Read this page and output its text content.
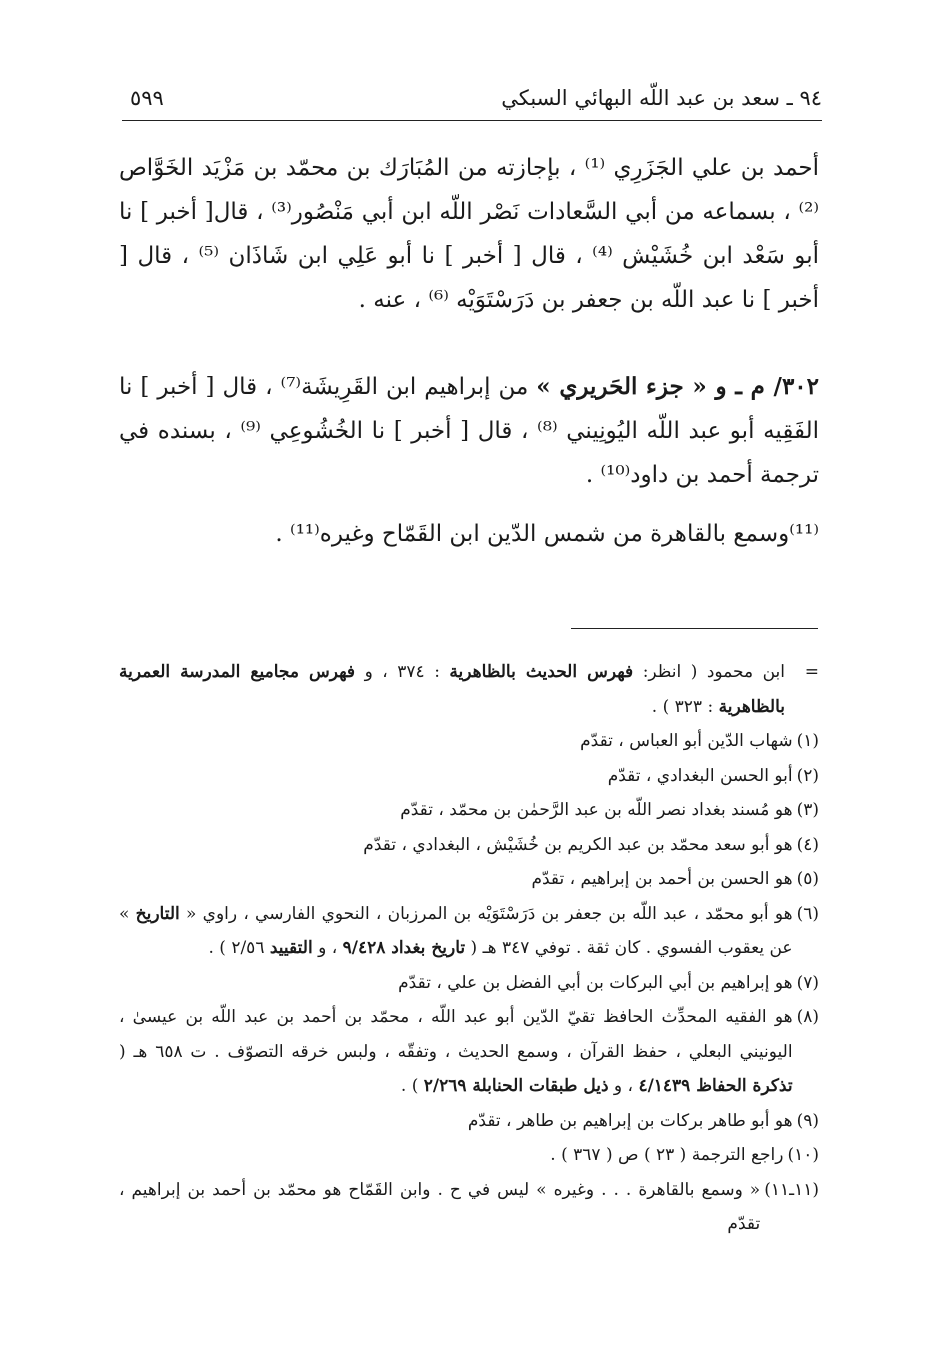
٩٤ ـ سعد بن عبد اللّه البهائي السبكي
٥٩٩

أحمد بن علي الجَزَرِي ⁽¹⁾ ، بإجازته من المُبَارَك بن محمّد بن مَزْيَد الخَوَّاص ⁽²⁾ ، بسماعه من أبي السَّعادات نَصْر اللّه ابن أبي مَنْصُور⁽³⁾ ، قال[ أخبر ] نا أبو سَعْد ابن خُشَيْش ⁽⁴⁾ ، قال [ أخبر ] نا أبو عَلِي ابن شَاذَان ⁽⁵⁾ ، قال [ أخبر ] نا عبد اللّه بن جعفر بن دَرَسْتَوَيْه ⁽⁶⁾ ، عنه .

٣٠٢/ م ـ و « جزء الحَريري » من إبراهيم ابن القَرِيشَة⁽⁷⁾ ، قال [ أخبر ] نا الفَقِيه أبو عبد اللّه اليُونِيني ⁽⁸⁾ ، قال [ أخبر ] نا الخُشُوعِي ⁽⁹⁾ ، بسنده في ترجمة أحمد بن داود⁽¹⁰⁾ .

⁽¹¹⁾وسمع بالقاهرة من شمس الدّين ابن القَمّاح وغيره⁽¹¹⁾ .

=
ابن محمود ( انظر: فهرس الحديث بالظاهرية : ٣٧٤ ، و فهرس مجاميع المدرسة العمرية بالظاهرية : ٣٢٣ ) .
(١)
شهاب الدّين أبو العباس ، تقدّم
(٢)
أبو الحسن البغدادي ، تقدّم
(٣)
هو مُسند بغداد نصر اللّه بن عبد الرَّحمٰن بن محمّد ، تقدّم
(٤)
هو أبو سعد محمّد بن عبد الكريم بن خُشَيْش ، البغدادي ، تقدّم
(٥)
هو الحسن بن أحمد بن إبراهيم ، تقدّم
(٦)
هو أبو محمّد ، عبد اللّه بن جعفر بن دَرَسْتَوَيْه بن المرزبان ، النحوي الفارسي ، راوي « التاريخ » عن يعقوب الفسوي . كان ثقة . توفي ٣٤٧ هـ ( تاريخ بغداد ٩/٤٢٨ ، و التقييد ٢/٥٦ ) .
(٧)
هو إبراهيم بن أبي البركات بن أبي الفضل بن علي ، تقدّم
(٨)
هو الفقيه المحدِّث الحافظ تقيّ الدّين أبو عبد اللّه ، محمّد بن أحمد بن عبد اللّه بن عيسىٰ ، اليونيني البعلي ، حفظ القرآن ، وسمع الحديث ، وتفقّه ، ولبس خرقه التصوّف . ت ٦٥٨ هـ ( تذكرة الحفاظ ٤/١٤٣٩ ، و ذيل طبقات الحنابلة ٢/٢٦٩ ) .
(٩)
هو أبو طاهر بركات بن إبراهيم بن طاهر ، تقدّم
(١٠)
راجع الترجمة ( ٢٣ ) ص ( ٣٦٧ ) .
(١١ـ١١)
« وسمع بالقاهرة . . . وغيره » ليس في ح . وابن القَمّاح هو محمّد بن أحمد بن إبراهيم ، تقدّم
